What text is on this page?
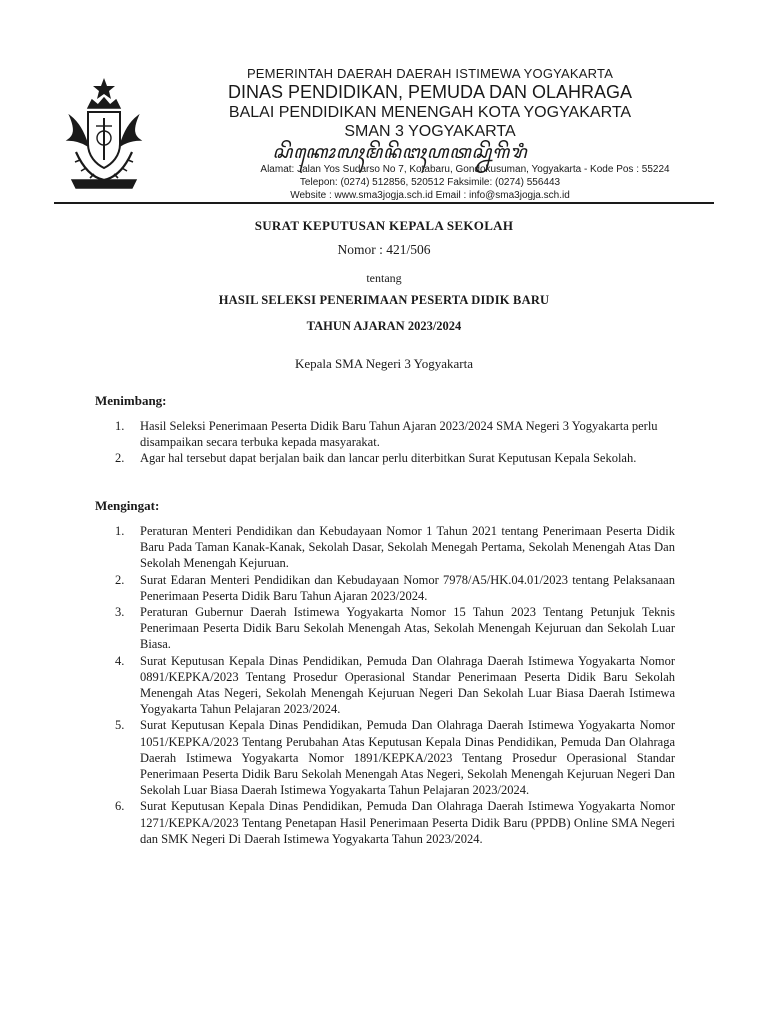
PEMERINTAH DAERAH DAERAH ISTIMEWA YOGYAKARTA
DINAS PENDIDIKAN, PEMUDA DAN OLAHRAGA
BALAI PENDIDIKAN MENENGAH KOTA YOGYAKARTA
SMAN 3 YOGYAKARTA
ꦱꦼꦏꦺꦴꦭꦃꦩꦼꦤꦼꦔꦃꦲꦠꦱ꧀ꦤꦼꦒꦼꦫꦶ
Alamat: Jalan Yos Sudarso No 7, Kotabaru, Gondokusuman, Yogyakarta - Kode Pos : 55224
Telepon: (0274) 512856, 520512 Faksimile: (0274) 556443
Website : www.sma3jogja.sch.id Email : info@sma3jogja.sch.id
SURAT KEPUTUSAN KEPALA SEKOLAH
Nomor : 421/506
tentang
HASIL SELEKSI PENERIMAAN PESERTA DIDIK BARU
TAHUN AJARAN 2023/2024
Kepala SMA Negeri 3 Yogyakarta
Menimbang:
1. Hasil Seleksi Penerimaan Peserta Didik Baru Tahun Ajaran 2023/2024 SMA Negeri 3 Yogyakarta perlu disampaikan secara terbuka kepada masyarakat.
2. Agar hal tersebut dapat berjalan baik dan lancar perlu diterbitkan Surat Keputusan Kepala Sekolah.
Mengingat:
1. Peraturan Menteri Pendidikan dan Kebudayaan Nomor 1 Tahun 2021 tentang Penerimaan Peserta Didik Baru Pada Taman Kanak-Kanak, Sekolah Dasar, Sekolah Menegah Pertama, Sekolah Menengah Atas Dan Sekolah Menengah Kejuruan.
2. Surat Edaran Menteri Pendidikan dan Kebudayaan Nomor 7978/A5/HK.04.01/2023 tentang Pelaksanaan Penerimaan Peserta Didik Baru Tahun Ajaran 2023/2024.
3. Peraturan Gubernur Daerah Istimewa Yogyakarta Nomor 15 Tahun 2023 Tentang Petunjuk Teknis Penerimaan Peserta Didik Baru Sekolah Menengah Atas, Sekolah Menengah Kejuruan dan Sekolah Luar Biasa.
4. Surat Keputusan Kepala Dinas Pendidikan, Pemuda Dan Olahraga Daerah Istimewa Yogyakarta Nomor 0891/KEPKA/2023 Tentang Prosedur Operasional Standar Penerimaan Peserta Didik Baru Sekolah Menengah Atas Negeri, Sekolah Menengah Kejuruan Negeri Dan Sekolah Luar Biasa Daerah Istimewa Yogyakarta Tahun Pelajaran 2023/2024.
5. Surat Keputusan Kepala Dinas Pendidikan, Pemuda Dan Olahraga Daerah Istimewa Yogyakarta Nomor 1051/KEPKA/2023 Tentang Perubahan Atas Keputusan Kepala Dinas Pendidikan, Pemuda Dan Olahraga Daerah Istimewa Yogyakarta Nomor 1891/KEPKA/2023 Tentang Prosedur Operasional Standar Penerimaan Peserta Didik Baru Sekolah Menengah Atas Negeri, Sekolah Menengah Kejuruan Negeri Dan Sekolah Luar Biasa Daerah Istimewa Yogyakarta Tahun Pelajaran 2023/2024.
6. Surat Keputusan Kepala Dinas Pendidikan, Pemuda Dan Olahraga Daerah Istimewa Yogyakarta Nomor 1271/KEPKA/2023 Tentang Penetapan Hasil Penerimaan Peserta Didik Baru (PPDB) Online SMA Negeri dan SMK Negeri Di Daerah Istimewa Yogyakarta Tahun 2023/2024.
